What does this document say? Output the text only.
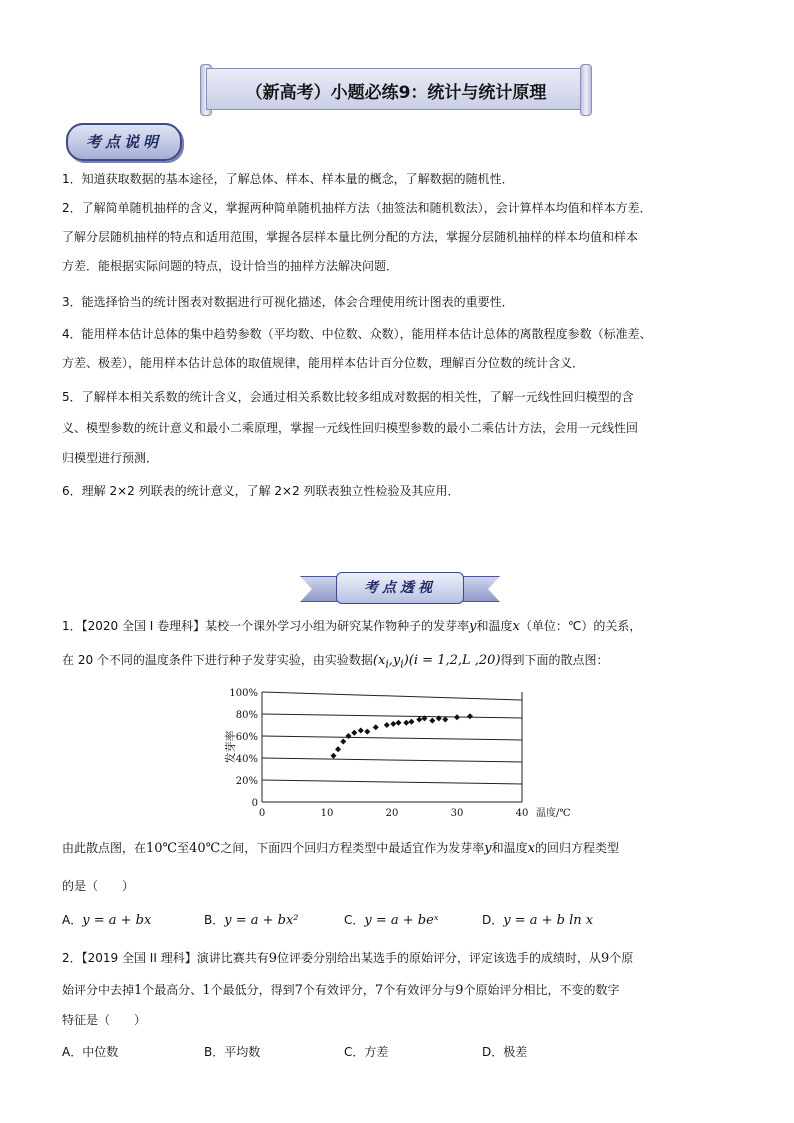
（新高考）小题必练9：统计与统计原理
考点说明
1．知道获取数据的基本途径，了解总体、样本、样本量的概念，了解数据的随机性．
2．了解简单随机抽样的含义，掌握两种简单随机抽样方法（抽签法和随机数法），会计算样本均值和样本方差．
了解分层随机抽样的特点和适用范围，掌握各层样本量比例分配的方法，掌握分层随机抽样的样本均值和样本
方差．能根据实际问题的特点，设计恰当的抽样方法解决问题．
3．能选择恰当的统计图表对数据进行可视化描述，体会合理使用统计图表的重要性．
4．能用样本估计总体的集中趋势参数（平均数、中位数、众数），能用样本估计总体的离散程度参数（标准差、
方差、极差），能用样本估计总体的取值规律，能用样本估计百分位数，理解百分位数的统计含义．
5．了解样本相关系数的统计含义，会通过相关系数比较多组成对数据的相关性，了解一元线性回归模型的含
义、模型参数的统计意义和最小二乘原理，掌握一元线性回归模型参数的最小二乘估计方法，会用一元线性回
归模型进行预测．
6．理解 2×2 列联表的统计意义，了解 2×2 列联表独立性检验及其应用．
考点透视
1．【2020 全国 I 卷理科】某校一个课外学习小组为研究某作物种子的发芽率y和温度x（单位：℃）的关系，
在 20 个不同的温度条件下进行种子发芽实验，由实验数据$(x_i,y_i)(i = 1,2,L$ ,20)得到下面的散点图：
0
20%
40%
60%
80%
100%
0	10	20	30	40
发芽率
温度/℃
由此散点图，在10℃至40℃之间，下面四个回归方程类型中最适宜作为发芽率y和温度x的回归方程类型
的是（　　）
A．y = a + bx	B．y = a + bx²	C．y = a + beˣ	D．y = a + b ln x
2．【2019 全国 II 理科】演讲比赛共有9位评委分别给出某选手的原始评分，评定该选手的成绩时，从9个原
始评分中去掉1个最高分、1个最低分，得到7个有效评分，7个有效评分与9个原始评分相比，不变的数字
特征是（　　）
A．中位数	B．平均数	C．方差	D．极差
